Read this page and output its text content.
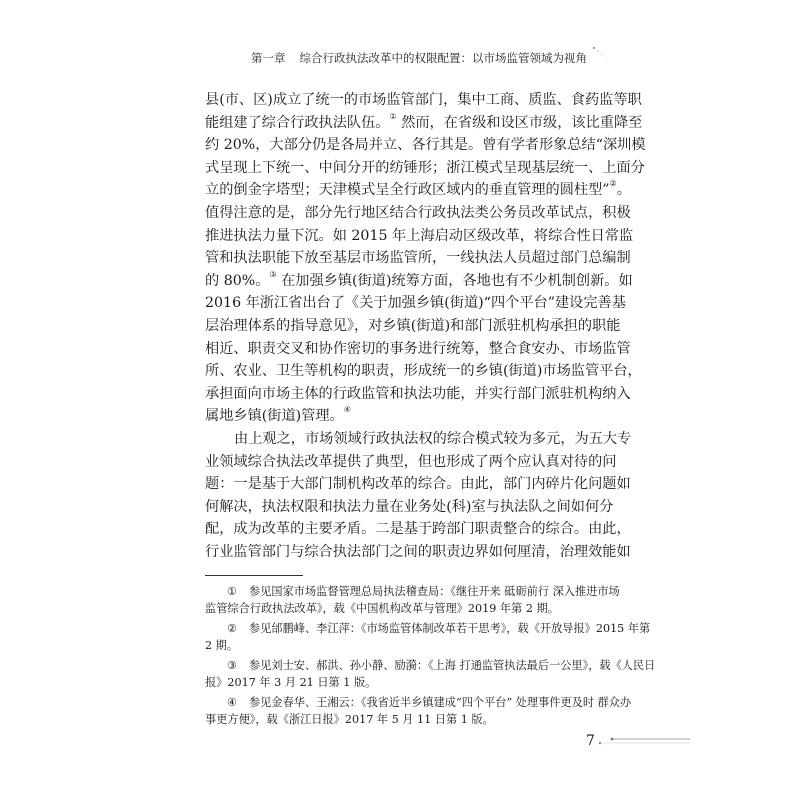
第一章 综合行政执法改革中的权限配置：以市场监管领域为视角
县(市、区)成立了统一的市场监管部门，集中工商、质监、食药监等职
能组建了综合行政执法队伍。① 然而，在省级和设区市级，该比重降至
约 20%，大部分仍是各局并立、各行其是。曾有学者形象总结“深圳模
式呈现上下统一、中间分开的纺锤形；浙江模式呈现基层统一、上面分
立的倒金字塔型；天津模式呈全行政区域内的垂直管理的圆柱型”②。
值得注意的是，部分先行地区结合行政执法类公务员改革试点，积极
推进执法力量下沉。如 2015 年上海启动区级改革，将综合性日常监
管和执法职能下放至基层市场监管所，一线执法人员超过部门总编制
的 80%。③ 在加强乡镇(街道)统筹方面，各地也有不少机制创新。如
2016 年浙江省出台了《关于加强乡镇(街道)“四个平台”建设完善基
层治理体系的指导意见》，对乡镇(街道)和部门派驻机构承担的职能
相近、职责交叉和协作密切的事务进行统筹，整合食安办、市场监管
所、农业、卫生等机构的职责，形成统一的乡镇(街道)市场监管平台，
承担面向市场主体的行政监管和执法功能，并实行部门派驻机构纳入
属地乡镇(街道)管理。④
由上观之，市场领域行政执法权的综合模式较为多元，为五大专
业领域综合执法改革提供了典型，但也形成了两个应认真对待的问
题：一是基于大部门制机构改革的综合。由此，部门内碎片化问题如
何解决，执法权限和执法力量在业务处(科)室与执法队之间如何分
配，成为改革的主要矛盾。二是基于跨部门职责整合的综合。由此，
行业监管部门与综合执法部门之间的职责边界如何厘清，治理效能如
① 参见国家市场监督管理总局执法稽查局：《继往开来 砥砺前行 深入推进市场
监管综合行政执法改革》，载《中国机构改革与管理》2019 年第 2 期。
② 参见邰鹏峰、李江萍：《市场监管体制改革若干思考》，载《开放导报》2015 年第
2 期。
③ 参见刘士安、郝洪、孙小静、励漪：《上海 打通监管执法最后一公里》，载《人民日
报》2017 年 3 月 21 日第 1 版。
④ 参见金春华、王湘云：《我省近半乡镇建成“四个平台” 处理事件更及时 群众办
事更方便》，载《浙江日报》2017 年 5 月 11 日第 1 版。
7
